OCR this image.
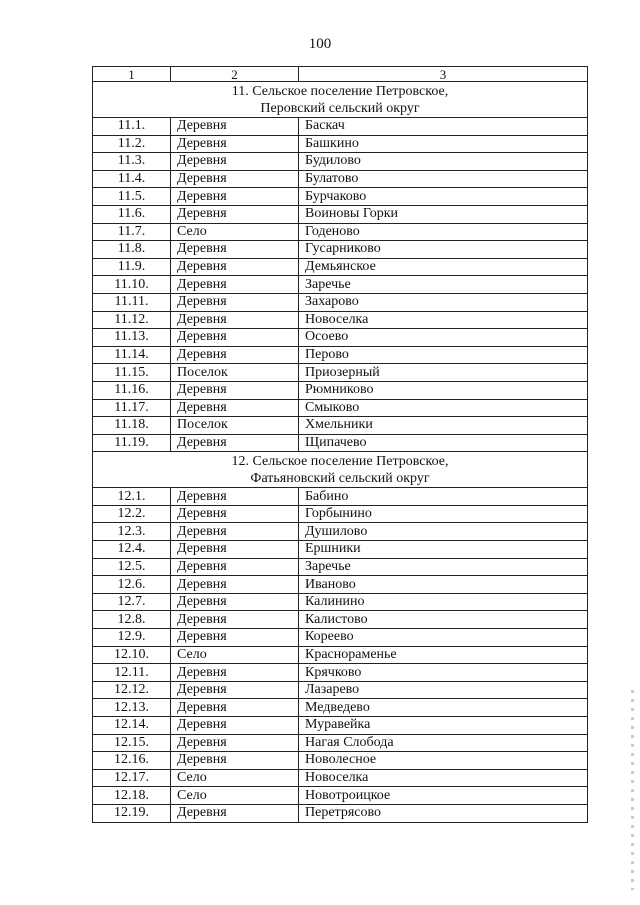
100
1	2	3
11. Сельское поселение Петровское,
Перовский сельский округ		
11.1.	Деревня	Баскач
11.2.	Деревня	Башкино
11.3.	Деревня	Будилово
11.4.	Деревня	Булатово
11.5.	Деревня	Бурчаково
11.6.	Деревня	Воиновы Горки
11.7.	Село	Годеново
11.8.	Деревня	Гусарниково
11.9.	Деревня	Демьянское
11.10.	Деревня	Заречье
11.11.	Деревня	Захарово
11.12.	Деревня	Новоселка
11.13.	Деревня	Осоево
11.14.	Деревня	Перово
11.15.	Поселок	Приозерный
11.16.	Деревня	Рюмниково
11.17.	Деревня	Смыково
11.18.	Поселок	Хмельники
11.19.	Деревня	Щипачево
12. Сельское поселение Петровское,
Фатьяновский сельский округ		
12.1.	Деревня	Бабино
12.2.	Деревня	Горбынино
12.3.	Деревня	Душилово
12.4.	Деревня	Ершники
12.5.	Деревня	Заречье
12.6.	Деревня	Иваново
12.7.	Деревня	Калинино
12.8.	Деревня	Калистово
12.9.	Деревня	Кореево
12.10.	Село	Краснораменье
12.11.	Деревня	Крячково
12.12.	Деревня	Лазарево
12.13.	Деревня	Медведево
12.14.	Деревня	Муравейка
12.15.	Деревня	Нагая Слобода
12.16.	Деревня	Новолесное
12.17.	Село	Новоселка
12.18.	Село	Новотроицкое
12.19.	Деревня	Перетрясово
